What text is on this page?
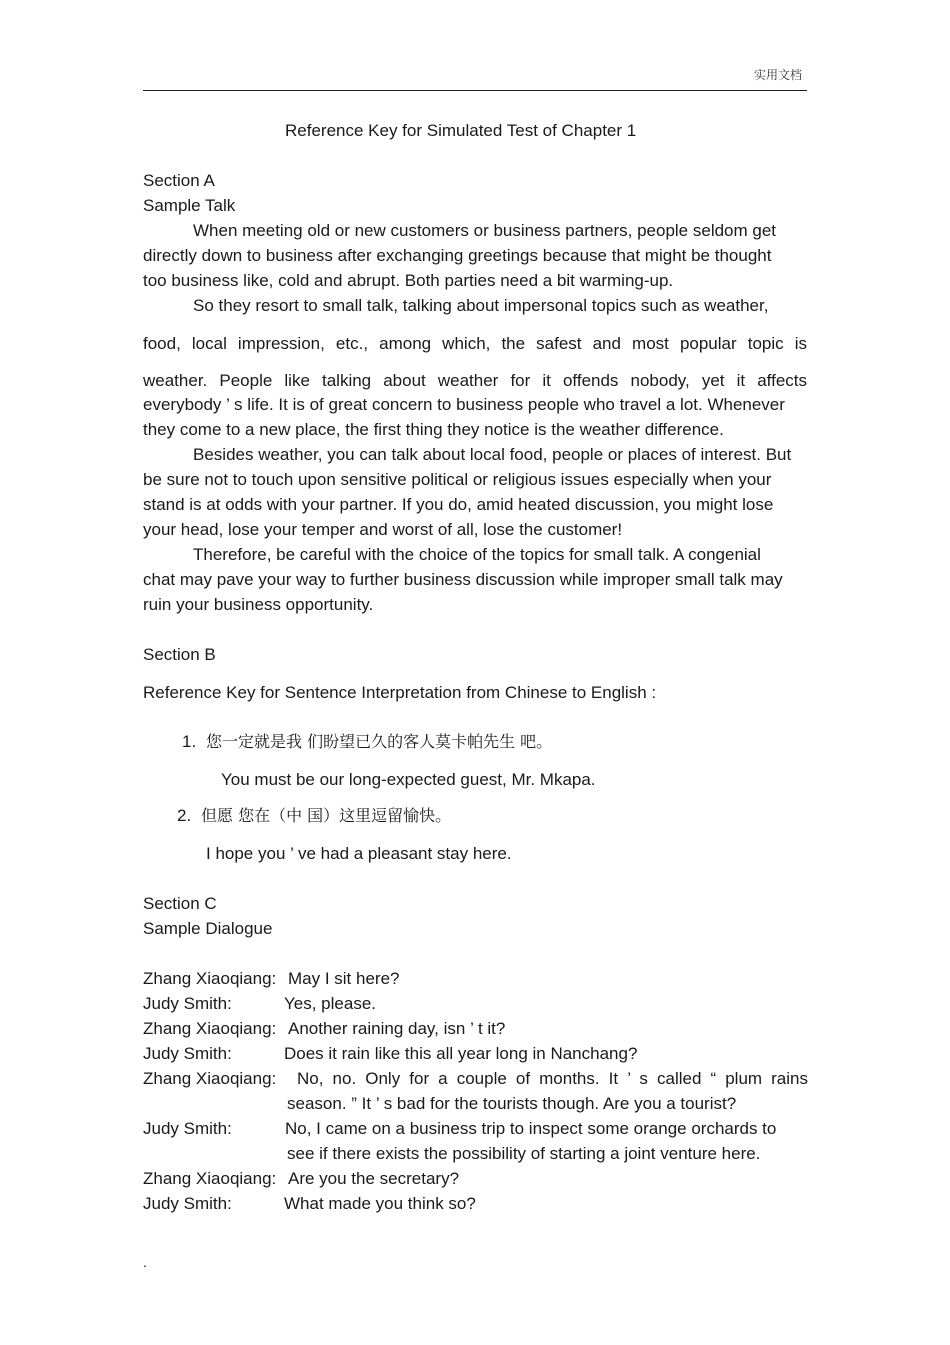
实用文档
Reference Key for Simulated Test of Chapter 1
Section A
Sample Talk
When meeting old or new customers or business partners, people seldom get
directly down to business after exchanging greetings because that might be thought
too business like, cold and abrupt. Both parties need a bit warming-up.
So they resort to small talk, talking about impersonal topics such as weather,
food, local impression, etc., among which, the safest and most popular topic is
weather. People like talking about weather for it offends nobody, yet it affects
everybody ’ s life. It is of great concern to business people who travel a lot. Whenever
they come to a new place, the first thing they notice is the weather difference.
Besides weather, you can talk about local food, people or places of interest. But
be sure not to touch upon sensitive political or religious issues especially when your
stand is at odds with your partner. If you do, amid heated discussion, you might lose
your head, lose your temper and worst of all, lose the customer!
Therefore, be careful with the choice of the topics for small talk. A congenial
chat may pave your way to further business discussion while improper small talk may
ruin your business opportunity.
Section B
Reference Key for Sentence Interpretation from Chinese to English :
1. 您一定就是我 们盼望已久的客人莫卡帕先生 吧。
You must be our long-expected guest, Mr. Mkapa.
2. 但愿 您在（中 国）这里逗留愉快。
I hope you ’ ve had a pleasant stay here.
Section C
Sample Dialogue
Zhang Xiaoqiang: May I sit here?
Judy Smith:	Yes, please.
Zhang Xiaoqiang: Another raining day, isn ’ t it?
Judy Smith:	Does it rain like this all year long in Nanchang?
Zhang Xiaoqiang: No, no. Only for a couple of months. It ’ s called “ plum rains
season. ” It ’ s bad for the tourists though. Are you a tourist?
Judy Smith:	No, I came on a business trip to inspect some orange orchards to
see if there exists the possibility of starting a joint venture here.
Zhang Xiaoqiang: Are you the secretary?
Judy Smith:	What made you think so?
.
